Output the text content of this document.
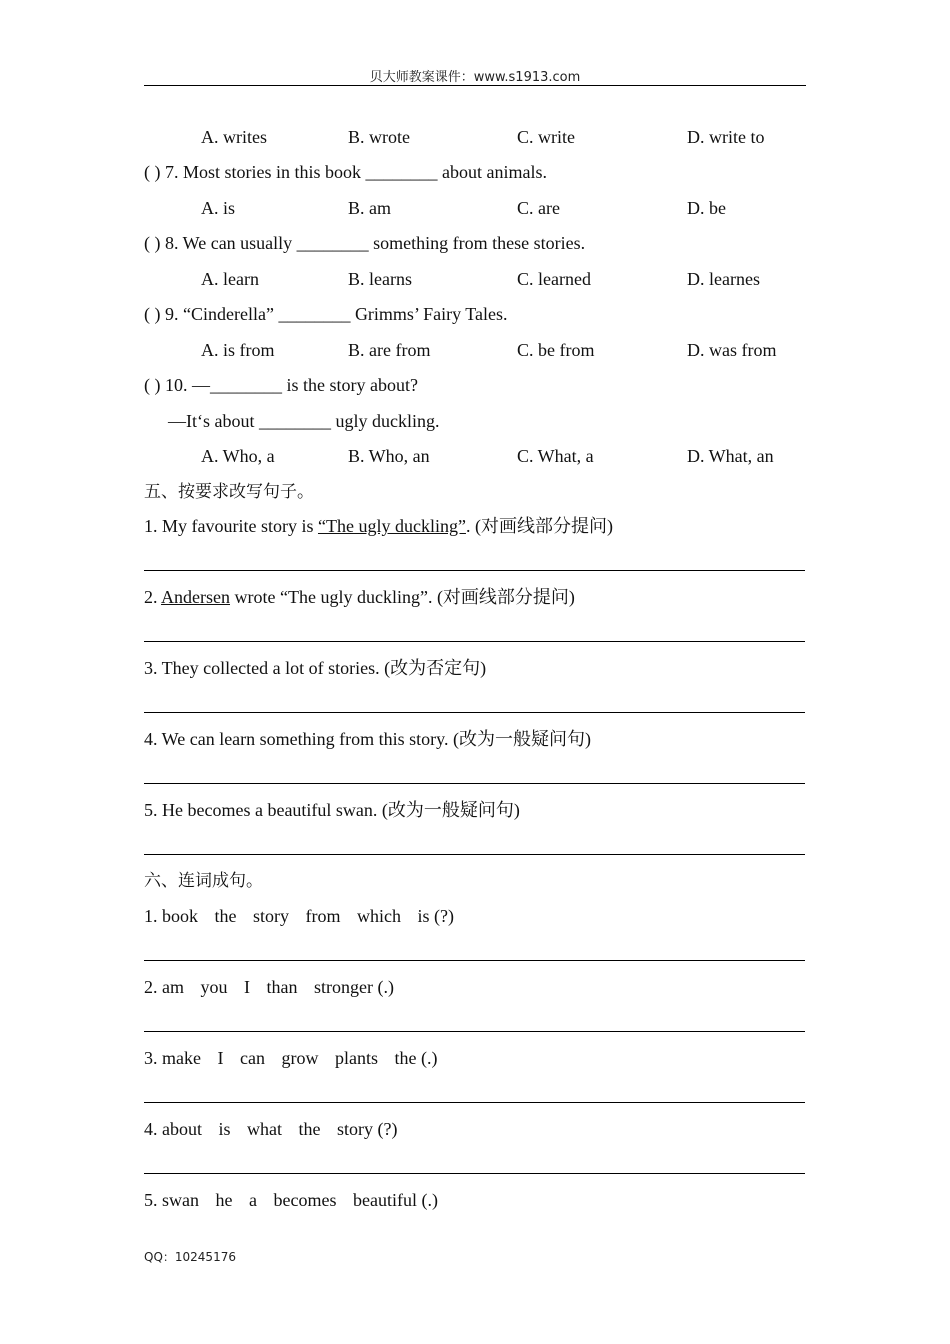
贝大师教案课件：www.s1913.com
A. writes	B. wrote	C. write	D. write to
( ) 7. Most stories in this book ________ about animals.
A. is	B. am	C. are	D. be
( ) 8. We can usually ________ something from these stories.
A. learn	B. learns	C. learned	D. learnes
( ) 9. “Cinderella” ________ Grimms’ Fairy Tales.
A. is from	B. are from	C. be from	D. was from
( ) 10. —________ is the story about?
—It‘s about ________ ugly duckling.
A. Who, a	B. Who, an	C. What, a	D. What, an
五、按要求改写句子。
1. My favourite story is “The ugly duckling”. (对画线部分提问)
2. Andersen wrote “The ugly duckling”. (对画线部分提问)
3. They collected a lot of stories. (改为否定句)
4. We can learn something from this story. (改为一般疑问句)
5. He becomes a beautiful swan. (改为一般疑问句)
六、连词成句。
1. book the story from which is (?)
2. am you I than stronger (.)
3. make I can grow plants the (.)
4. about is what the story (?)
5. swan he a becomes beautiful (.)
QQ：10245176
